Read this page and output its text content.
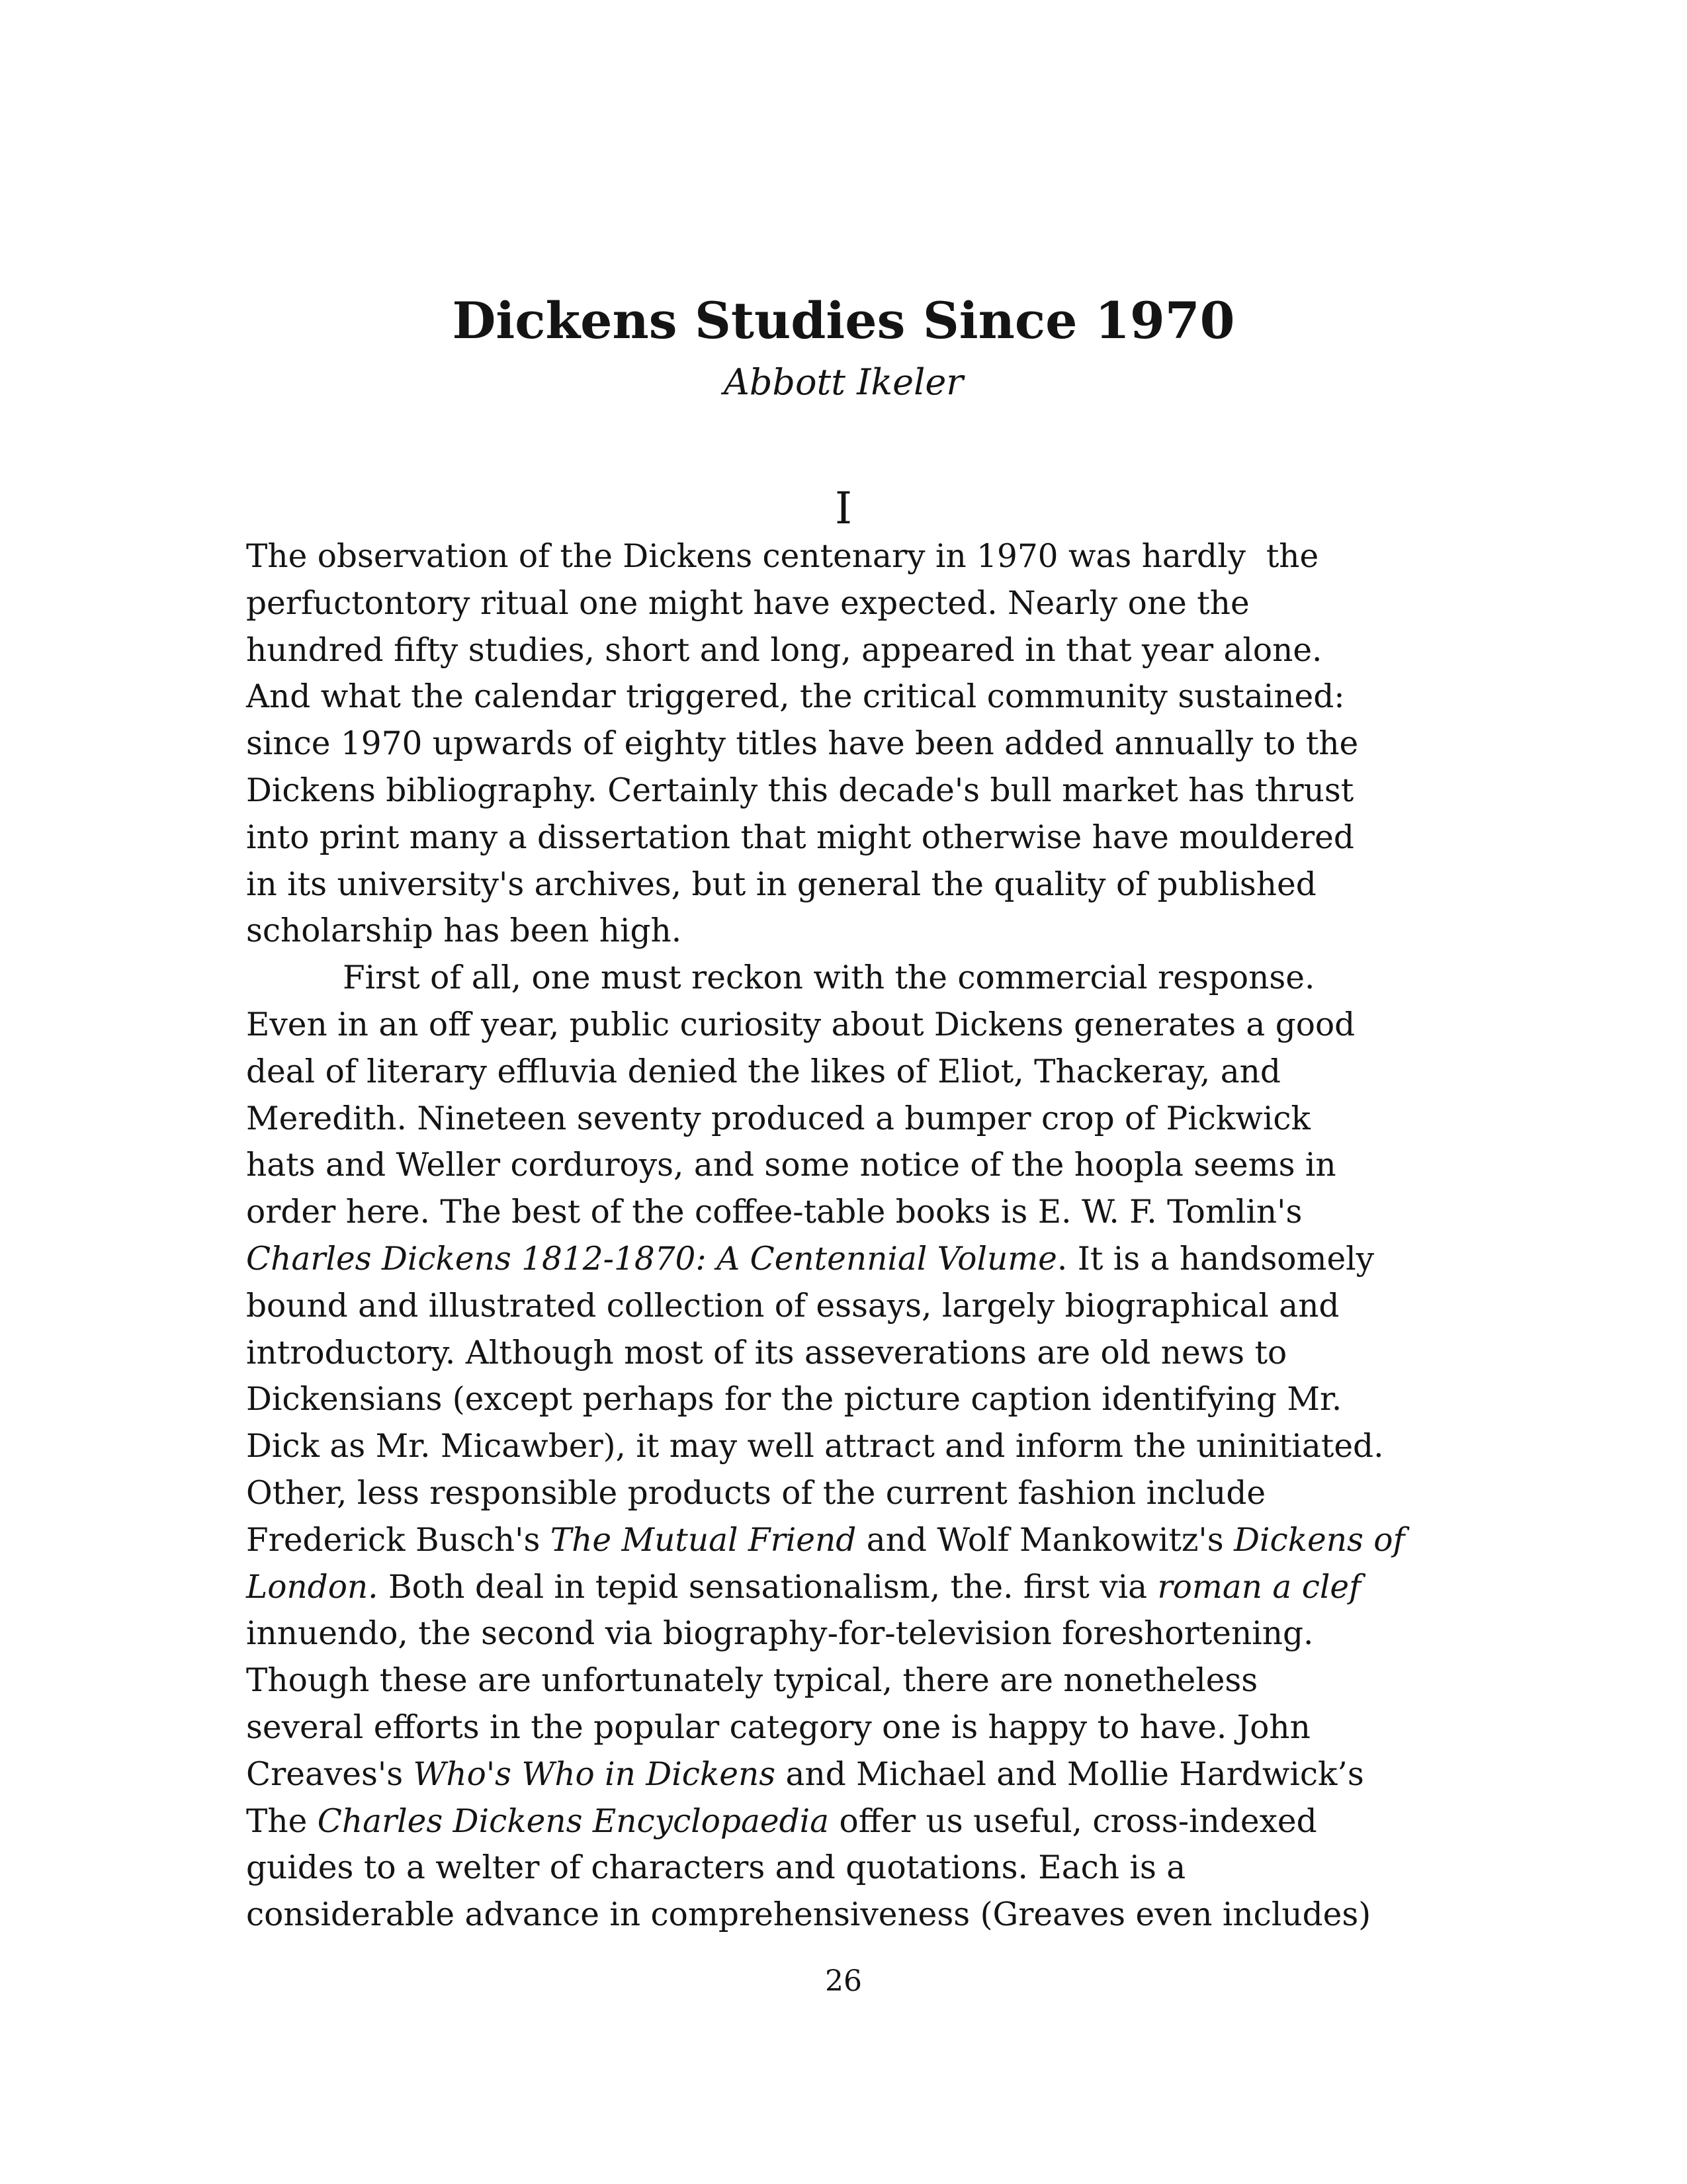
Dickens Studies Since 1970
Abbott Ikeler
I
The observation of the Dickens centenary in 1970 was hardly  the
perfuctontory ritual one might have expected. Nearly one the
hundred fifty studies, short and long, appeared in that year alone.
And what the calendar triggered, the critical community sustained:
since 1970 upwards of eighty titles have been added annually to the
Dickens bibliography. Certainly this decade's bull market has thrust
into print many a dissertation that might otherwise have mouldered
in its university's archives, but in general the quality of published
scholarship has been high.
First of all, one must reckon with the commercial response.
Even in an off year, public curiosity about Dickens generates a good
deal of literary effluvia denied the likes of Eliot, Thackeray, and
Meredith. Nineteen seventy produced a bumper crop of Pickwick
hats and Weller corduroys, and some notice of the hoopla seems in
order here. The best of the coffee-table books is E. W. F. Tomlin's
Charles Dickens 1812-1870: A Centennial Volume. It is a handsomely
bound and illustrated collection of essays, largely biographical and
introductory. Although most of its asseverations are old news to
Dickensians (except perhaps for the picture caption identifying Mr.
Dick as Mr. Micawber), it may well attract and inform the uninitiated.
Other, less responsible products of the current fashion include
Frederick Busch's The Mutual Friend and Wolf Mankowitz's Dickens of
London. Both deal in tepid sensationalism, the. first via roman a clef
innuendo, the second via biography-for-television foreshortening.
Though these are unfortunately typical, there are nonetheless
several efforts in the popular category one is happy to have. John
Creaves's Who's Who in Dickens and Michael and Mollie Hardwick’s
The Charles Dickens Encyclopaedia offer us useful, cross-indexed
guides to a welter of characters and quotations. Each is a
considerable advance in comprehensiveness (Greaves even includes)
26
